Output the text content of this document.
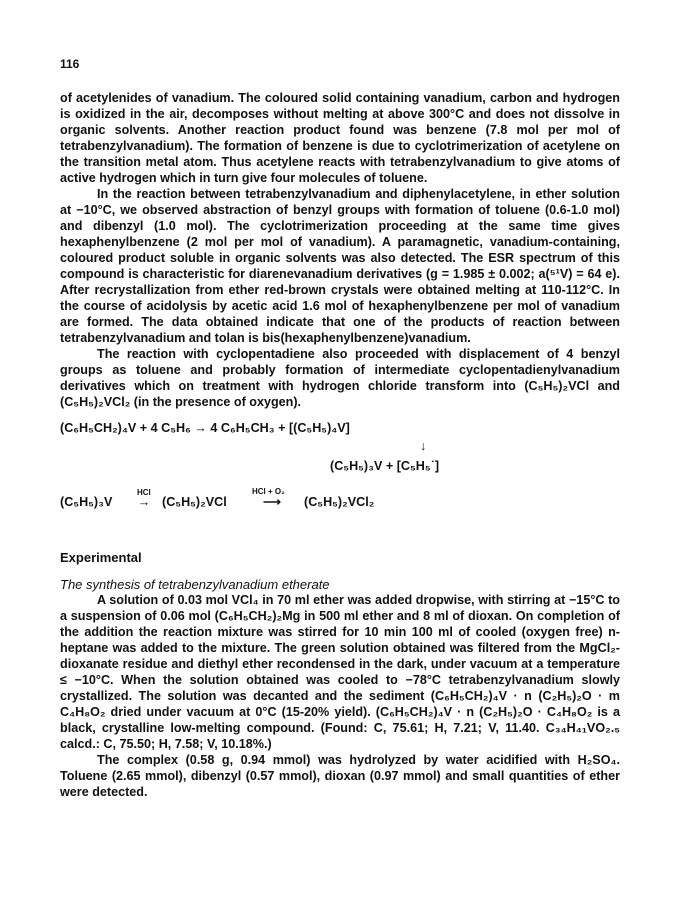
116

of acetylenides of vanadium. The coloured solid containing vanadium, carbon and hydrogen is oxidized in the air, decomposes without melting at above 300°C and does not dissolve in organic solvents. Another reaction product found was benzene (7.8 mol per mol of tetrabenzylvanadium). The formation of benzene is due to cyclotrimerization of acetylene on the transition metal atom. Thus acetylene reacts with tetrabenzylvanadium to give atoms of active hydrogen which in turn give four molecules of toluene.

In the reaction between tetrabenzylvanadium and diphenylacetylene, in ether solution at −10°C, we observed abstraction of benzyl groups with formation of toluene (0.6-1.0 mol) and dibenzyl (1.0 mol). The cyclotrimerization proceeding at the same time gives hexaphenylbenzene (2 mol per mol of vanadium). A paramagnetic, vanadium-containing, coloured product soluble in organic solvents was also detected. The ESR spectrum of this compound is characteristic for diarenevanadium derivatives (g = 1.985 ± 0.002; a(⁵¹V) = 64 e). After recrystallization from ether red-brown crystals were obtained melting at 110-112°C. In the course of acidolysis by acetic acid 1.6 mol of hexaphenylbenzene per mol of vanadium are formed. The data obtained indicate that one of the products of reaction between tetrabenzylvanadium and tolan is bis(hexaphenylbenzene)vanadium.

The reaction with cyclopentadiene also proceeded with displacement of 4 benzyl groups as toluene and probably formation of intermediate cyclopentadienylvanadium derivatives which on treatment with hydrogen chloride transform into (C₅H₅)₂VCl and (C₅H₅)₂VCl₂ (in the presence of oxygen).

(C₆H₅CH₂)₄V + 4 C₅H₆ → 4 C₆H₅CH₃ + [(C₅H₅)₄V]
↓
(C₅H₅)₃V + [C₅H₅˙]
(C₅H₅)₃V
HCl
→ (C₅H₅)₂VCl
HCl + O₂
⟶	(C₅H₅)₂VCl₂
Experimental
The synthesis of tetrabenzylvanadium etherate

A solution of 0.03 mol VCl₄ in 70 ml ether was added dropwise, with stirring at −15°C to a suspension of 0.06 mol (C₆H₅CH₂)₂Mg in 500 ml ether and 8 ml of dioxan. On completion of the addition the reaction mixture was stirred for 10 min 100 ml of cooled (oxygen free) n-heptane was added to the mixture. The green solution obtained was filtered from the MgCl₂-dioxanate residue and diethyl ether recondensed in the dark, under vacuum at a temperature ≤ −10°C. When the solution obtained was cooled to −78°C tetrabenzylvanadium slowly crystallized. The solution was decanted and the sediment (C₆H₅CH₂)₄V · n (C₂H₅)₂O · m C₄H₈O₂ dried under vacuum at 0°C (15-20% yield). (C₆H₅CH₂)₄V · n (C₂H₅)₂O · C₄H₈O₂ is a black, crystalline low-melting compound. (Found: C, 75.61; H, 7.21; V, 11.40. C₃₄H₄₁VO₂.₅ calcd.: C, 75.50; H, 7.58; V, 10.18%.)

The complex (0.58 g, 0.94 mmol) was hydrolyzed by water acidified with H₂SO₄. Toluene (2.65 mmol), dibenzyl (0.57 mmol), dioxan (0.97 mmol) and small quantities of ether were detected.
